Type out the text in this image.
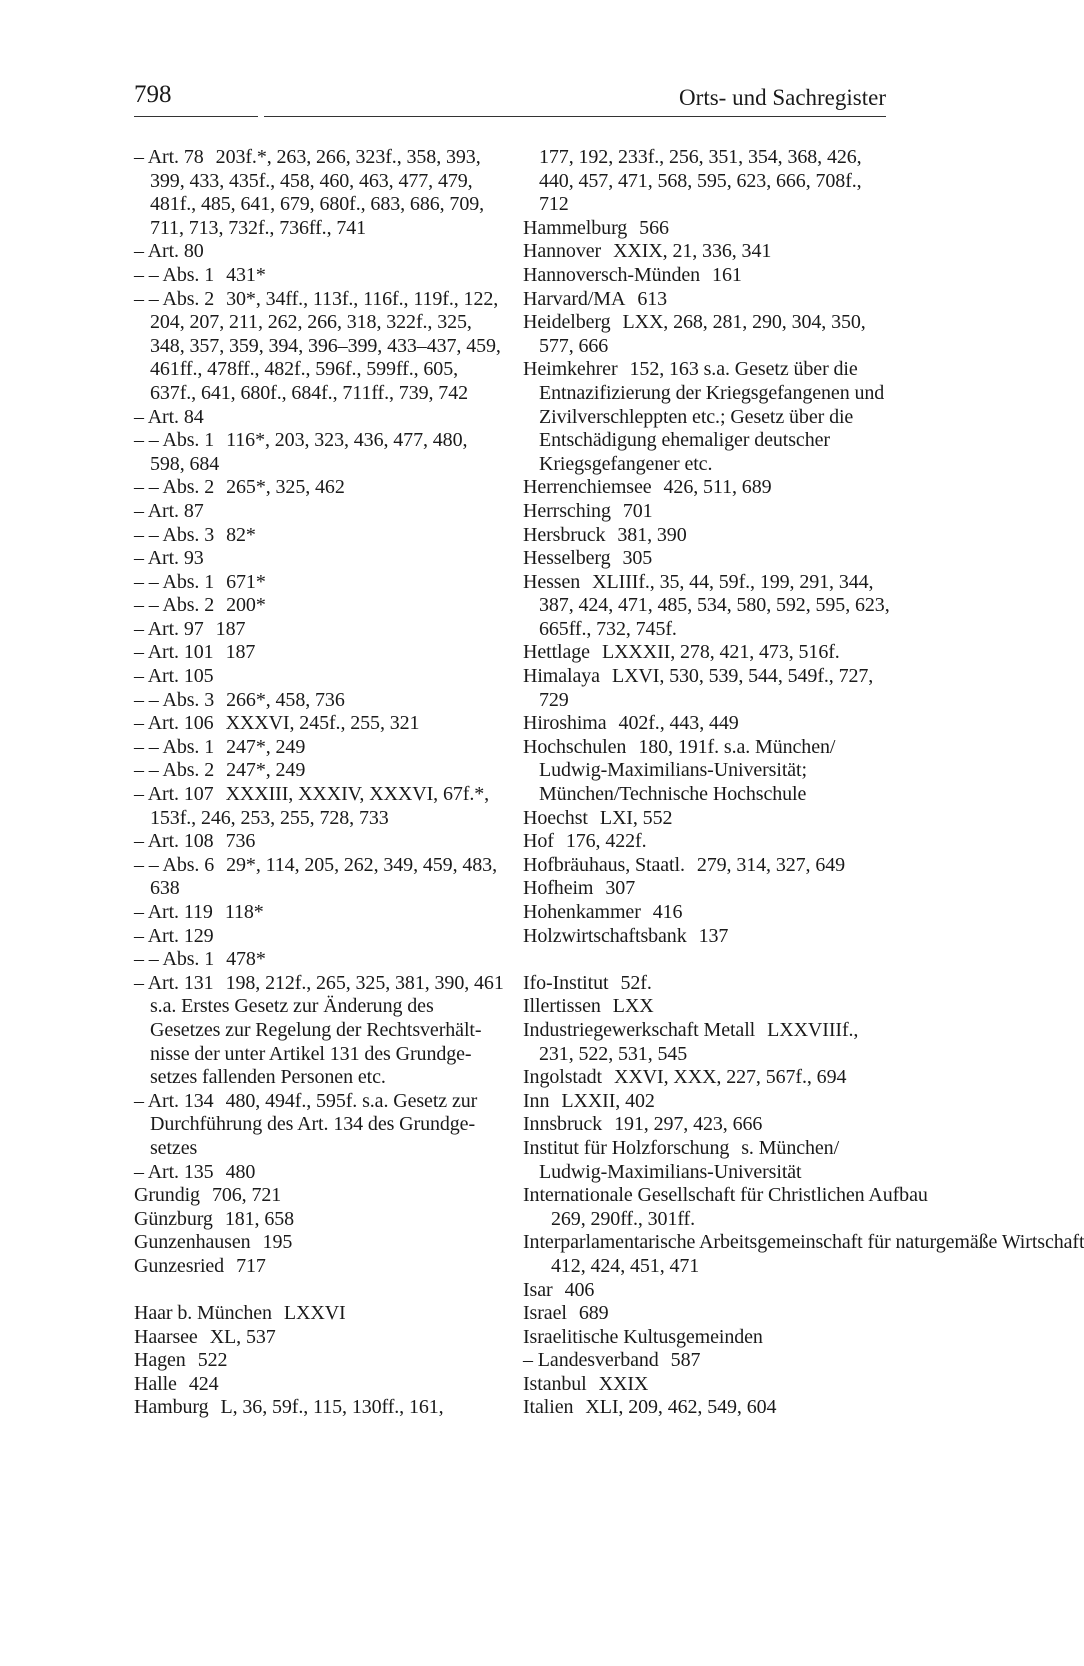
798	Orts- und Sachregister
– Art. 78 203f.*, 263, 266, 323f., 358, 393, 399, 433, 435f., 458, 460, 463, 477, 479, 481f., 485, 641, 679, 680f., 683, 686, 709, 711, 713, 732f., 736ff., 741
– Art. 80
– – Abs. 1 431*
– – Abs. 2 30*, 34ff., 113f., 116f., 119f., 122, 204, 207, 211, 262, 266, 318, 322f., 325, 348, 357, 359, 394, 396–399, 433–437, 459, 461ff., 478ff., 482f., 596f., 599ff., 605, 637f., 641, 680f., 684f., 711ff., 739, 742
– Art. 84
– – Abs. 1 116*, 203, 323, 436, 477, 480, 598, 684
– – Abs. 2 265*, 325, 462
– Art. 87
– – Abs. 3 82*
– Art. 93
– – Abs. 1 671*
– – Abs. 2 200*
– Art. 97 187
– Art. 101 187
– Art. 105
– – Abs. 3 266*, 458, 736
– Art. 106 XXXVI, 245f., 255, 321
– – Abs. 1 247*, 249
– – Abs. 2 247*, 249
– Art. 107 XXXIII, XXXIV, XXXVI, 67f.*, 153f., 246, 253, 255, 728, 733
– Art. 108 736
– – Abs. 6 29*, 114, 205, 262, 349, 459, 483, 638
– Art. 119 118*
– Art. 129
– – Abs. 1 478*
– Art. 131 198, 212f., 265, 325, 381, 390, 461 s.a. Erstes Gesetz zur Änderung des Gesetzes zur Regelung der Rechtsverhält-nisse der unter Artikel 131 des Grundge-setzes fallenden Personen etc.
– Art. 134 480, 494f., 595f. s.a. Gesetz zur Durchführung des Art. 134 des Grundge-setzes
– Art. 135 480
Grundig 706, 721
Günzburg 181, 658
Gunzenhausen 195
Gunzesried 717
Haar b. München LXXVI
Haarsee XL, 537
Hagen 522
Halle 424
Hamburg L, 36, 59f., 115, 130ff., 161,
177, 192, 233f., 256, 351, 354, 368, 426, 440, 457, 471, 568, 595, 623, 666, 708f., 712
Hammelburg 566
Hannover XXIX, 21, 336, 341
Hannoversch-Münden 161
Harvard/MA 613
Heidelberg LXX, 268, 281, 290, 304, 350, 577, 666
Heimkehrer 152, 163 s.a. Gesetz über die Entnazifizierung der Kriegsgefangenen und Zivilverschleppten etc.; Gesetz über die Entschädigung ehemaliger deutscher Kriegsgefangener etc.
Herrenchiemsee 426, 511, 689
Herrsching 701
Hersbruck 381, 390
Hesselberg 305
Hessen XLIIIf., 35, 44, 59f., 199, 291, 344, 387, 424, 471, 485, 534, 580, 592, 595, 623, 665ff., 732, 745f.
Hettlage LXXXII, 278, 421, 473, 516f.
Himalaya LXVI, 530, 539, 544, 549f., 727, 729
Hiroshima 402f., 443, 449
Hochschulen 180, 191f. s.a. München/ Ludwig-Maximilians-Universität; München/Technische Hochschule
Hoechst LXI, 552
Hof 176, 422f.
Hofbräuhaus, Staatl. 279, 314, 327, 649
Hofheim 307
Hohenkammer 416
Holzwirtschaftsbank 137
Ifo-Institut 52f.
Illertissen LXX
Industriegewerkschaft Metall LXXVIIIf., 231, 522, 531, 545
Ingolstadt XXVI, XXX, 227, 567f., 694
Inn LXXII, 402
Innsbruck 191, 297, 423, 666
Institut für Holzforschung s. München/ Ludwig-Maximilians-Universität
Internationale Gesellschaft für Christlichen Aufbau269, 290ff., 301ff.
Interparlamentarische Arbeitsgemeinschaft für naturgemäße Wirtschaft412, 424, 451, 471
Isar 406
Israel 689
Israelitische Kultusgemeinden
– Landesverband 587
Istanbul XXIX
Italien XLI, 209, 462, 549, 604
